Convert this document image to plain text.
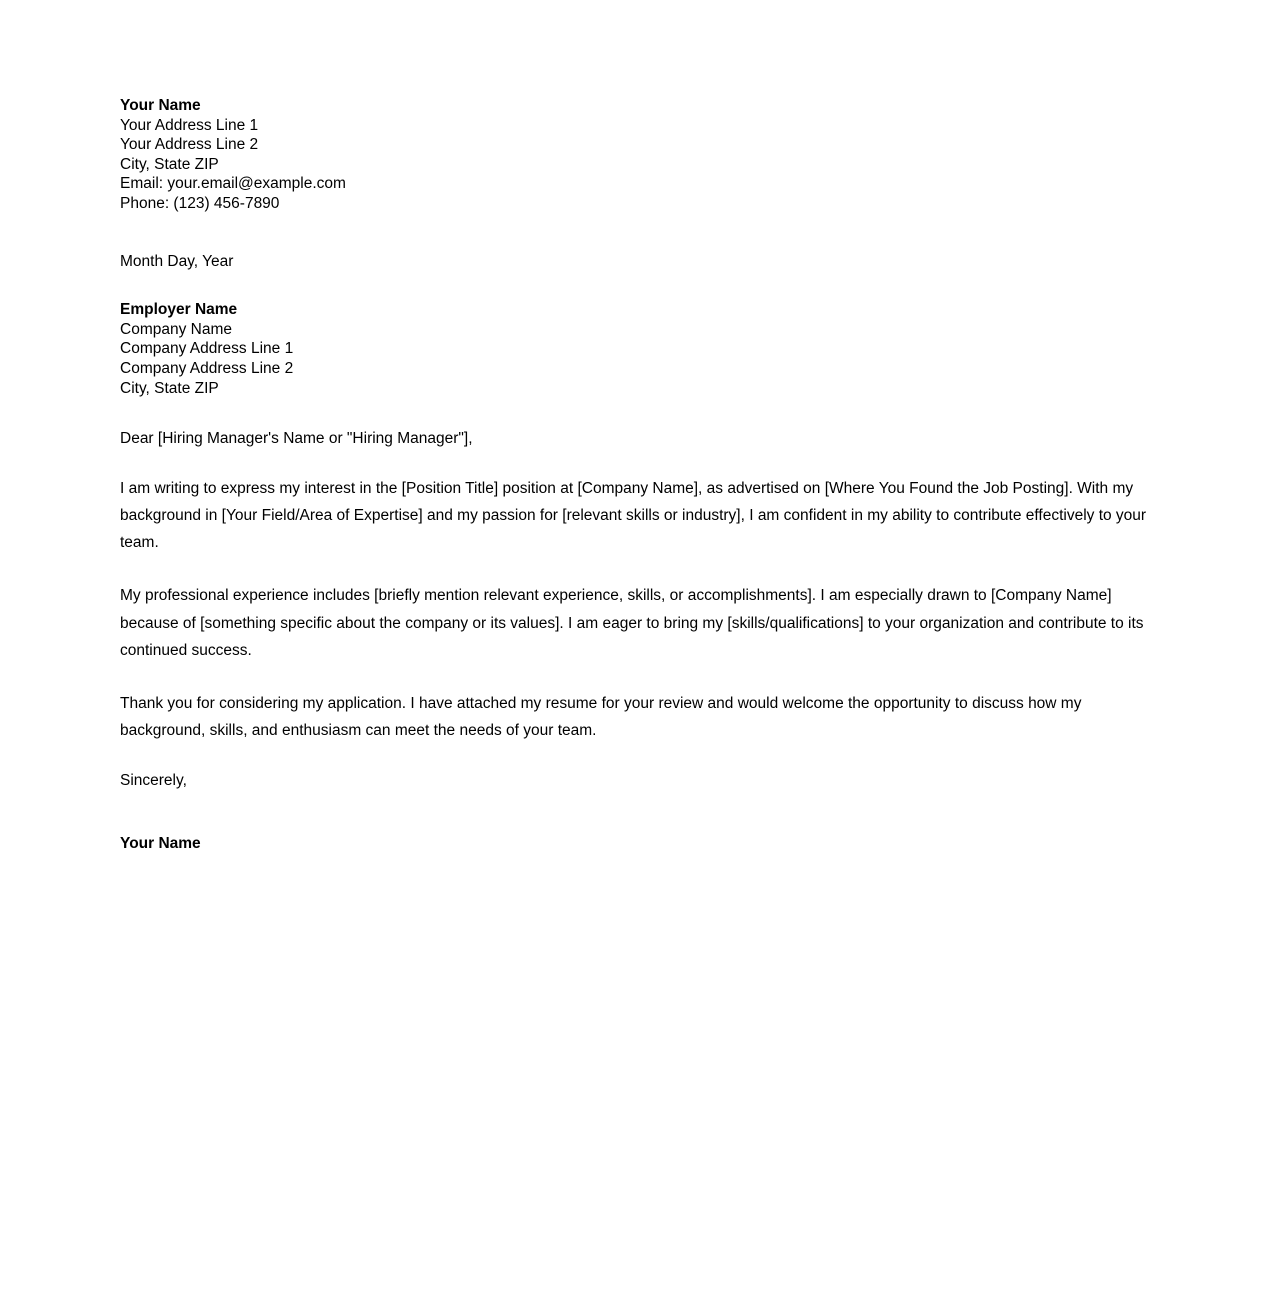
Your Name
Your Address Line 1
Your Address Line 2
City, State ZIP
Email: your.email@example.com
Phone: (123) 456-7890
Month Day, Year
Employer Name
Company Name
Company Address Line 1
Company Address Line 2
City, State ZIP
Dear [Hiring Manager's Name or "Hiring Manager"],

I am writing to express my interest in the [Position Title] position at [Company Name], as advertised on [Where You Found the Job Posting]. With my background in [Your Field/Area of Expertise] and my passion for [relevant skills or industry], I am confident in my ability to contribute effectively to your team.

My professional experience includes [briefly mention relevant experience, skills, or accomplishments]. I am especially drawn to [Company Name] because of [something specific about the company or its values]. I am eager to bring my [skills/qualifications] to your organization and contribute to its continued success.

Thank you for considering my application. I have attached my resume for your review and would welcome the opportunity to discuss how my background, skills, and enthusiasm can meet the needs of your team.

Sincerely,
Your Name
